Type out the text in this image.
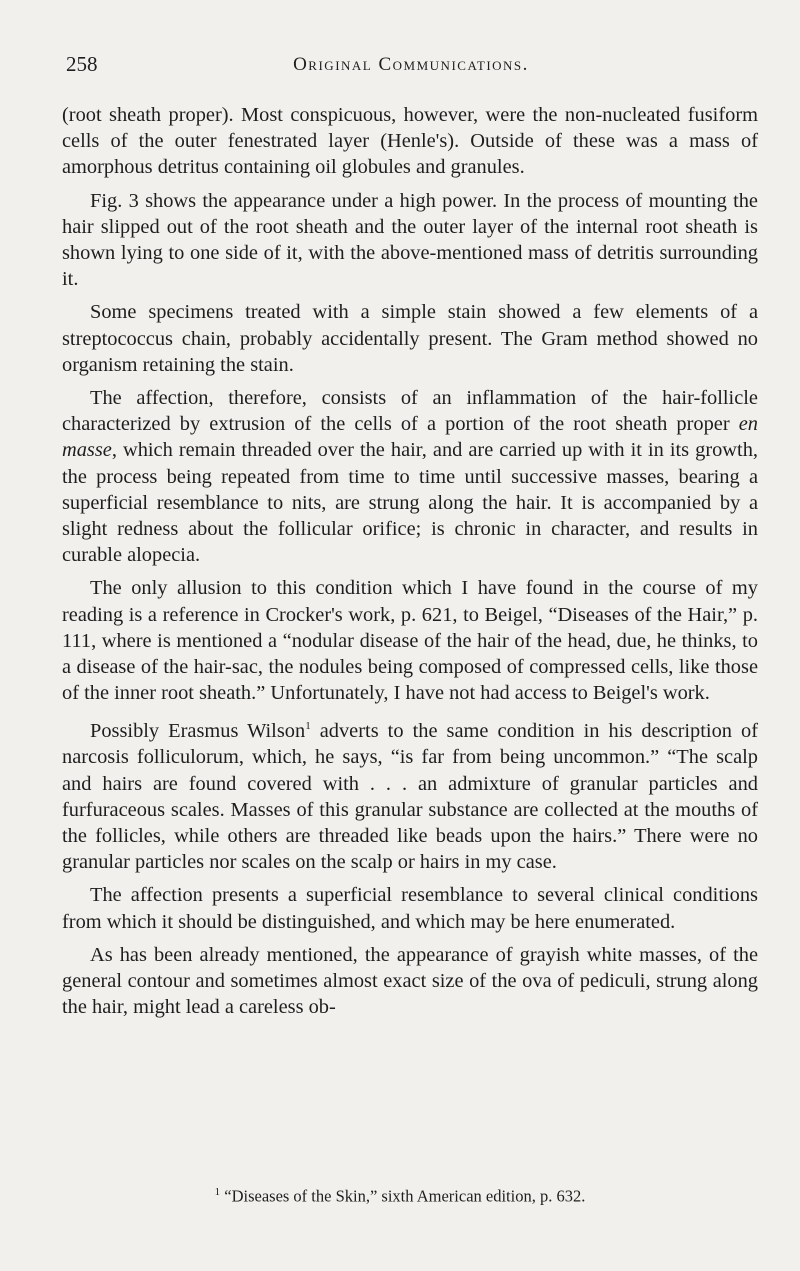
258	Original Communications.

(root sheath proper). Most conspicuous, however, were the non-nucleated fusiform cells of the outer fenestrated layer (Henle's). Outside of these was a mass of amorphous detritus containing oil globules and granules.

Fig. 3 shows the appearance under a high power. In the process of mounting the hair slipped out of the root sheath and the outer layer of the internal root sheath is shown lying to one side of it, with the above-mentioned mass of detritis surrounding it.

Some specimens treated with a simple stain showed a few elements of a streptococcus chain, probably accidentally present. The Gram method showed no organism retaining the stain.

The affection, therefore, consists of an inflammation of the hair-follicle characterized by extrusion of the cells of a portion of the root sheath proper en masse, which remain threaded over the hair, and are carried up with it in its growth, the process being repeated from time to time until successive masses, bearing a superficial resemblance to nits, are strung along the hair. It is accompanied by a slight redness about the follicular orifice; is chronic in character, and results in curable alopecia.

The only allusion to this condition which I have found in the course of my reading is a reference in Crocker's work, p. 621, to Beigel, “Diseases of the Hair,” p. 111, where is mentioned a “nodular disease of the hair of the head, due, he thinks, to a disease of the hair-sac, the nodules being composed of compressed cells, like those of the inner root sheath.” Unfortunately, I have not had access to Beigel's work.

Possibly Erasmus Wilson$^1$ adverts to the same condition in his description of narcosis folliculorum, which, he says, “is far from being uncommon.” “The scalp and hairs are found covered with . . . an admixture of granular particles and furfuraceous scales. Masses of this granular substance are collected at the mouths of the follicles, while others are threaded like beads upon the hairs.” There were no granular particles nor scales on the scalp or hairs in my case.

The affection presents a superficial resemblance to several clinical conditions from which it should be distinguished, and which may be here enumerated.

As has been already mentioned, the appearance of grayish white masses, of the general contour and sometimes almost exact size of the ova of pediculi, strung along the hair, might lead a careless ob-

$^1$ “Diseases of the Skin,” sixth American edition, p. 632.
